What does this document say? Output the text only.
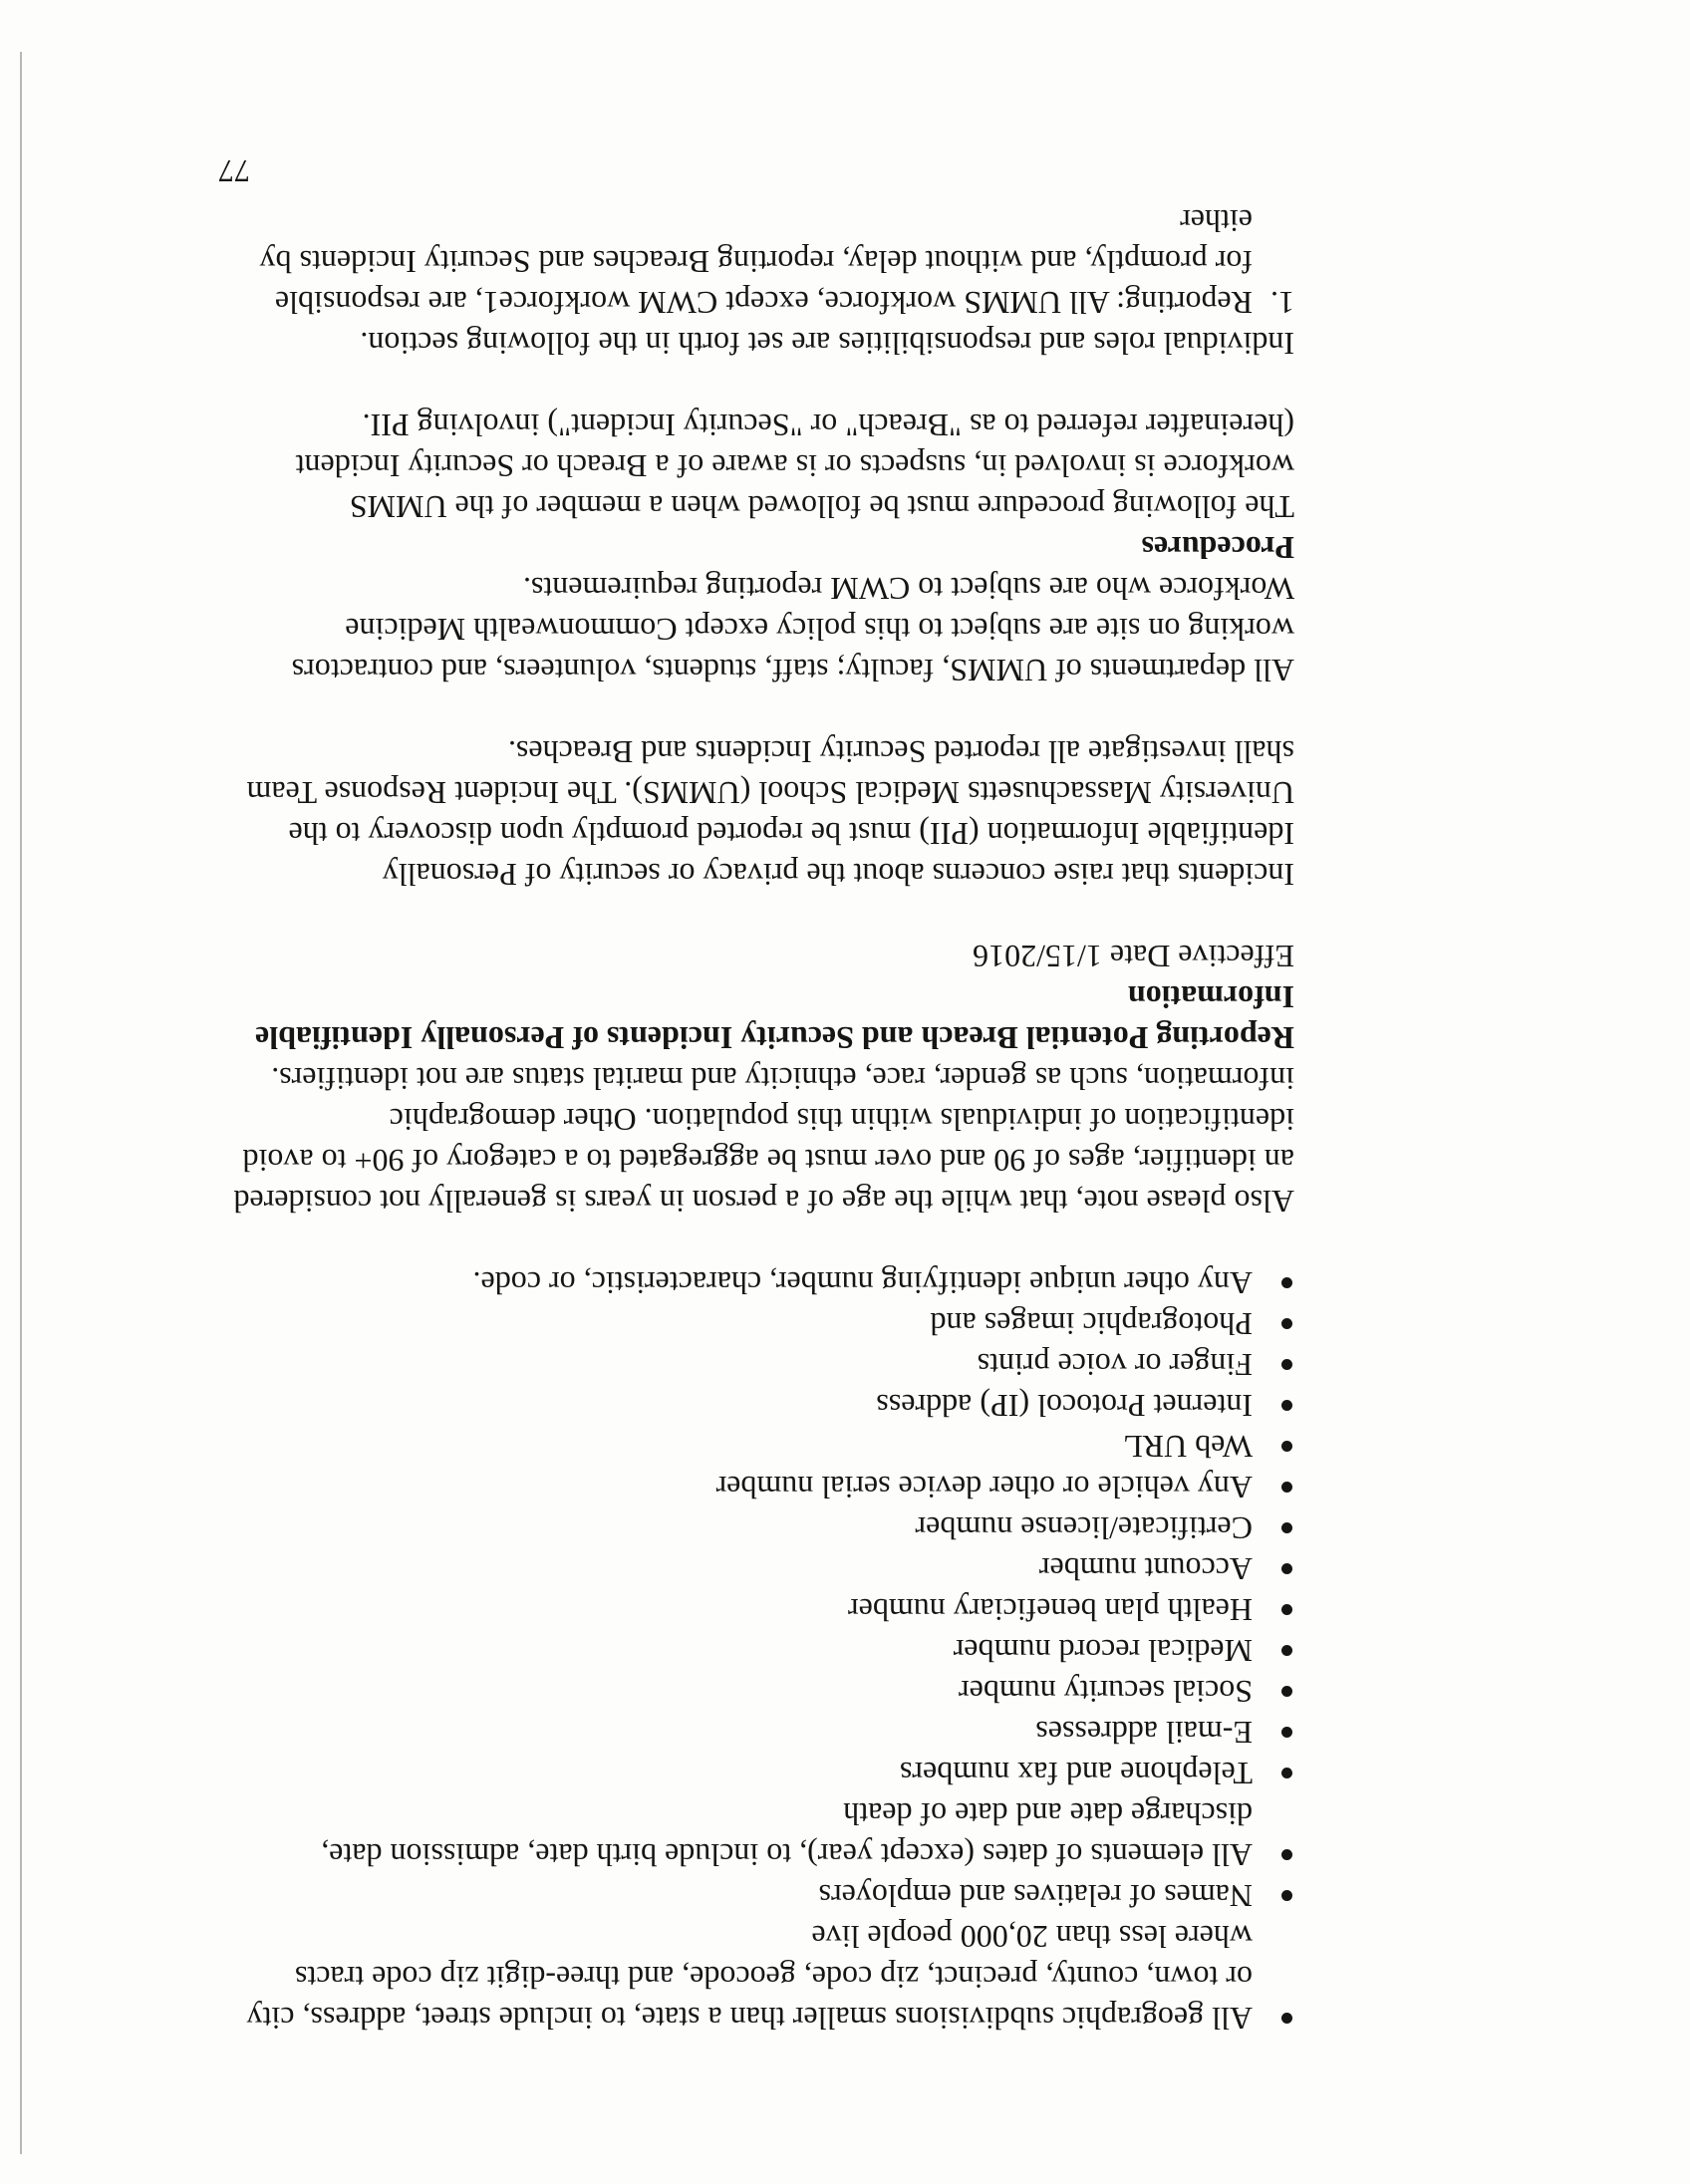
All geographic subdivisions smaller than a state, to include street, address, city or town, county, precinct, zip code, geocode, and three-digit zip code tracts where less than 20,000 people live
Names of relatives and employers
All elements of dates (except year), to include birth date, admission date, discharge date and date of death
Telephone and fax numbers
E-mail addresses
Social security number
Medical record number
Health plan beneficiary number
Account number
Certificate/license number
Any vehicle or other device serial number
Web URL
Internet Protocol (IP) address
Finger or voice prints
Photographic images and
Any other unique identifying number, characteristic, or code.

Also please note, that while the age of a person in years is generally not considered an identifier, ages of 90 and over must be aggregated to a category of 90+ to avoid identification of individuals within this population. Other demographic information, such as gender, race, ethnicity and marital status are not identifiers.

Reporting Potential Breach and Security Incidents of Personally Identifiable Information

Effective Date 1/15/2016

Incidents that raise concerns about the privacy or security of Personally Identifiable Information (PII) must be reported promptly upon discovery to the University Massachusetts Medical School (UMMS). The Incident Response Team shall investigate all reported Security Incidents and Breaches.

All departments of UMMS, faculty; staff, students, volunteers, and contractors working on site are subject to this policy except Commonwealth Medicine Workforce who are subject to CWM reporting requirements.

Procedures

The following procedure must be followed when a member of the UMMS workforce is involved in, suspects or is aware of a Breach or Security Incident (hereinafter referred to as "Breach" or "Security Incident") involving PII.

Individual roles and responsibilities are set forth in the following section.

1.
Reporting: All UMMS workforce, except CWM workforce1, are responsible for promptly, and without delay, reporting Breaches and Security Incidents by either
77
